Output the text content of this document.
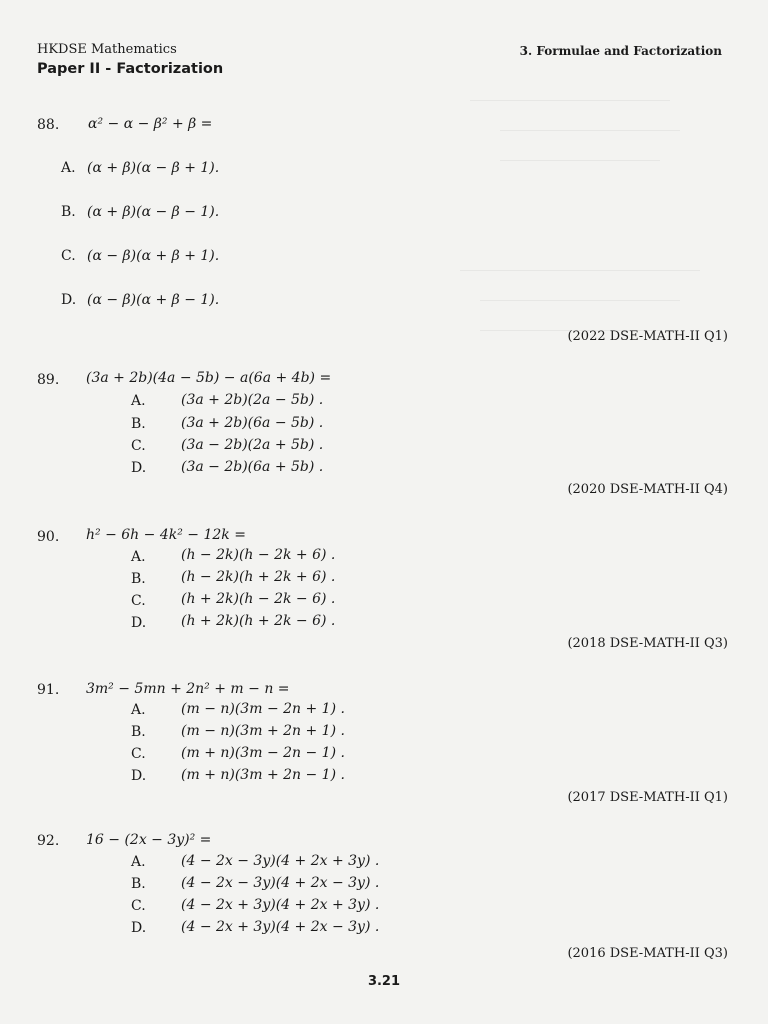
HKDSE Mathematics	3. Formulae and Factorization
Paper II - Factorization
88. α² − α − β² + β =
A. (α + β)(α − β + 1).
B. (α + β)(α − β − 1).
C. (α − β)(α + β + 1).
D. (α − β)(α + β − 1).
(2022 DSE-MATH-II Q1)
89. (3a + 2b)(4a − 5b) − a(6a + 4b) =
A.	(3a + 2b)(2a − 5b) .
B.	(3a + 2b)(6a − 5b) .
C.	(3a − 2b)(2a + 5b) .
D. (3a − 2b)(6a + 5b) .
(2020 DSE-MATH-II Q4)
90. h² − 6h − 4k² − 12k =
A.	(h − 2k)(h − 2k + 6) .
B.	(h − 2k)(h + 2k + 6) .
C.	(h + 2k)(h − 2k − 6) .
D. (h + 2k)(h + 2k − 6) .
(2018 DSE-MATH-II Q3)
91. 3m² − 5mn + 2n² + m − n =
A.	(m − n)(3m − 2n + 1) .
B.	(m − n)(3m + 2n + 1) .
C.	(m + n)(3m − 2n − 1) .
D. (m + n)(3m + 2n − 1) .
(2017 DSE-MATH-II Q1)
92. 16 − (2x − 3y)² =
A.	(4 − 2x − 3y)(4 + 2x + 3y) .
B.	(4 − 2x − 3y)(4 + 2x − 3y) .
C.	(4 − 2x + 3y)(4 + 2x + 3y) .
D. (4 − 2x + 3y)(4 + 2x − 3y) .
(2016 DSE-MATH-II Q3)
3.21
